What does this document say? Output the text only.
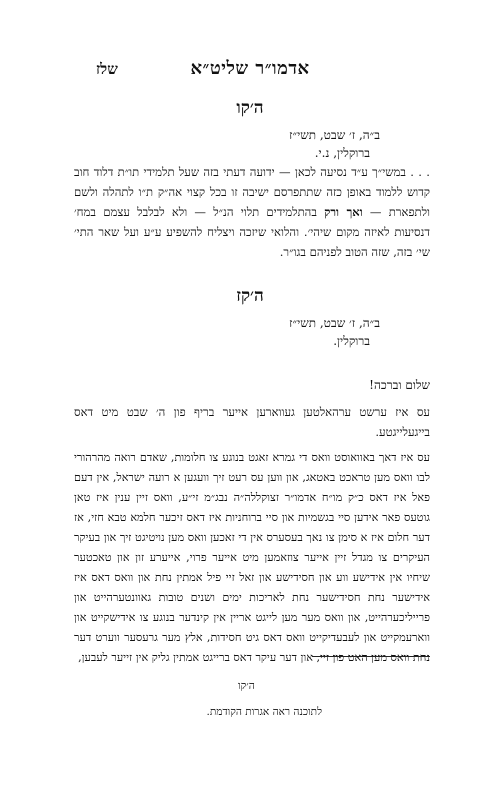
שלז	אדמו״ר שליט״א
ה׳קו
ב״ה, ז׳ שבט, תשי״ז
ברוקלין, נ.י.
. . . במשי״ך ע״ד נסיעה לכאן — ידועה דעתי בזה שעל תלמידי תו״ת דלוד חוב קדוש ללמוד באופן כזה שתתפרסם ישיבה זו בכל קצוי אה״ק ת״ו לתהלה ולשם ולתפארת — ואך ורק בהתלמידים תלוי הנ״ל — ולא לבלבל עצמם במח׳ דנסיעות לאיזה מקום שיהי׳. והלואי שיזכה ויצליח להשפיע ע״ע ועל שאר התי׳ שי׳ בזה, שזה הטוב לפניהם בגו״ר.
ה׳קז
ב״ה, ז׳ שבט, תשי״ז
ברוקלין.
שלום וברכה!
עס איז ערשט ערהאלטען געווארען אייער בריף פון ה׳ שבט מיט דאס בייגעלייגטע.
עס איז דאך באוואוסט וואס די גמרא זאגט בנוגע צו חלומות, שאדם רואה מהרהורי לבו וואס מען טראכט באטאג, און ווען עס רעט זיך וועגען א רועה ישראל, אין דעם פאל איז דאס כ״ק מו״ח אדמו״ר זצוקללה״ה נבג״מ זי״ע, וואס זיין ענין איז טאן גוטעס פאר אידען סיי בגשמיות און סיי ברוחניות איז דאס זיכער חלמא טבא חזי, אז דער חלום איז א סימן צו נאך בעסערס אין די זאכען וואס מען נויטיגט זיך און בעיקר העיקרים צו מגדל זיין אייער צוזאמען מיט אייער פרוי, אייערע זון און טאכטער שיחיו אין אידישע ווע און חסידישע און זאל זיי פיל אמתין נחת און וואס דאס איז אידישער נחת חסידישער נחת לאריכות ימים ושנים טובות גאוונטערהייט און פרייליכערהייט, און וואס מער מען לייגט אריין אין קינדער בנוגע צו אידישקייט און ווארעמקייט און לעבעדיקייט וואס דאס גיט חסידות, אלץ מער גרעסער ווערט דער נחת וואס מען האט פון זיי, און דער עיקר דאס ברייגט אמתין גליק אין זייער לעבען,
ה׳קו
לתוכנה ראה אגרות הקודמת.
